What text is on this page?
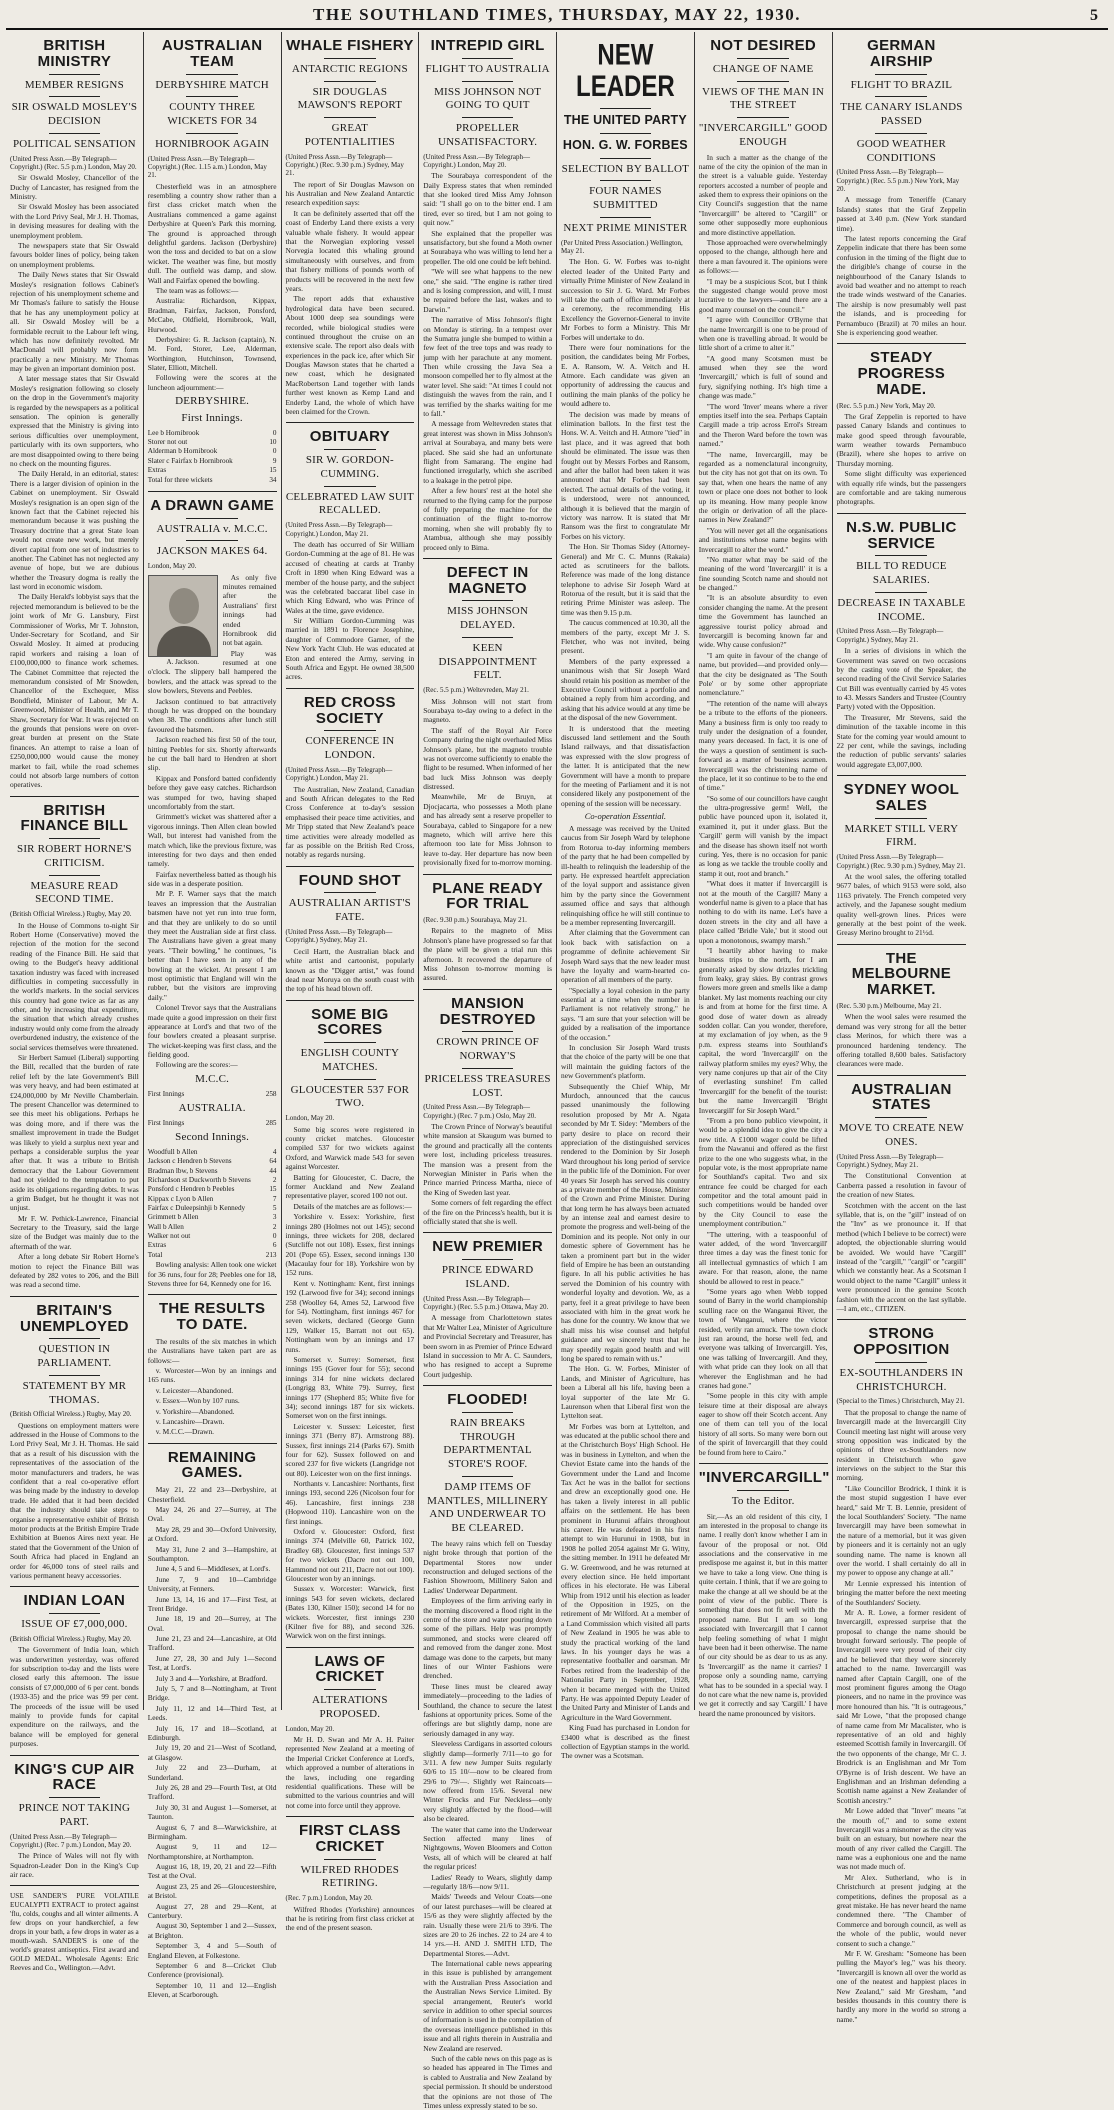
THE SOUTHLAND TIMES, THURSDAY, MAY 22, 1930.	5
BRITISH MINISTRY
MEMBER RESIGNS
SIR OSWALD MOSLEY'S DECISION
POLITICAL SENSATION
(United Press Assn.—By Telegraph—Copyright.) (Rec. 5.5 p.m.) London, May 20.

Sir Oswald Mosley, Chancellor of the Duchy of Lancaster, has resigned from the Ministry.

Sir Oswald Mosley has been associated with the Lord Privy Seal, Mr J. H. Thomas, in devising measures for dealing with the unemployment problem.

The newspapers state that Sir Oswald favours bolder lines of policy, being taken on unemployment problems.

The Daily News states that Sir Oswald Mosley's resignation follows Cabinet's rejection of his unemployment scheme and Mr Thomas's failure to satisfy the House that he has any unemployment policy at all. Sir Oswald Mosley will be a formidable recruit to the Labour left wing, which has now definitely revolted. Mr MacDonald will probably now form practically a new Ministry. Mr Thomas may be given an important dominion post.

A later message states that Sir Oswald Mosley's resignation following so closely on the drop in the Government's majority is regarded by the newspapers as a political sensation. The opinion is generally expressed that the Ministry is giving into serious difficulties over unemployment, particularly with its own supporters, who are most disappointed owing to there being no check on the mounting figures.

The Daily Herald, in an editorial, states: There is a larger division of opinion in the Cabinet on unemployment. Sir Oswald Mosley's resignation is an open sign of the known fact that the Cabinet rejected his memorandum because it was pushing the Treasury doctrine that a great State loan would not create new work, but merely divert capital from one set of industries to another. The Cabinet has not neglected any avenue of hope, but we are dubious whether the Treasury dogma is really the last word in economic wisdom.

The Daily Herald's lobbyist says that the rejected memorandum is believed to be the joint work of Mr G. Lansbury, First Commissioner of Works, Mr T. Johnston, Under-Secretary for Scotland, and Sir Oswald Mosley. It aimed at producing rapid workers and raising a loan of £100,000,000 to finance work schemes. The Cabinet Committee that rejected the memorandum consisted of Mr Snowden, Chancellor of the Exchequer, Miss Bondfield, Minister of Labour, Mr A. Greenwood, Minister of Health, and Mr T. Shaw, Secretary for War. It was rejected on the grounds that pensions were on over-great burden at present on the State finances. An attempt to raise a loan of £250,000,000 would cause the money market to fail, while the road schemes could not absorb large numbers of cotton operatives.

BRITISH FINANCE BILL
SIR ROBERT HORNE'S CRITICISM.
MEASURE READ SECOND TIME.
(British Official Wireless.) Rugby, May 20.

In the House of Commons to-night Sir Robert Horne (Conservative) moved the rejection of the motion for the second reading of the Finance Bill. He said that owing to the Budget's heavy additional taxation industry was faced with increased difficulties in competing successfully in the world's markets. In the social services this country had gone twice as far as any other, and by increasing that expenditure, the situation that which already crushes industry would only come from the already overburdened industry, the existence of the social services themselves were threatened.

Sir Herbert Samuel (Liberal) supporting the Bill, recalled that the burden of rate relief left by the late Government's Bill was very heavy, and had been estimated at £24,000,000 by Mr Neville Chamberlain. The present Chancellor was determined to see this meet his obligations. Perhaps he was doing more, and if there was the smallest improvement in trade the Budget was likely to yield a surplus next year and perhaps a considerable surplus the year after that. It was a tribute to British democracy that the Labour Government had not yielded to the temptation to put aside its obligations regarding debts. It was a grim Budget, but he thought it was not unjust.

Mr F. W. Pethick-Lawrence, Financial Secretary to the Treasury, said the large size of the Budget was mainly due to the aftermath of the war.

After a long debate Sir Robert Horne's motion to reject the Finance Bill was defeated by 282 votes to 206, and the Bill was read a second time.

BRITAIN'S UNEMPLOYED
QUESTION IN PARLIAMENT.
STATEMENT BY MR THOMAS.
(British Official Wireless.) Rugby, May 20.

Questions on employment matters were addressed in the House of Commons to the Lord Privy Seal, Mr J. H. Thomas. He said that as a result of his discussion with the representatives of the association of the motor manufacturers and traders, he was confident that a real co-operative effort was being made by the industry to develop trade. He added that it had been decided that the industry should take steps to organise a representative exhibit of British motor products at the British Empire Trade Exhibition at Buenos Aires next year. He stated that the Government of the Union of South Africa had placed in England an order for 46,000 tons of steel rails and various permanent heavy accessories.

INDIAN LOAN
ISSUE OF £7,000,000.
(British Official Wireless.) Rugby, May 20.

The Government of India loan, which was underwritten yesterday, was offered for subscription to-day and the lists were closed early this afternoon. The issue consists of £7,000,000 of 6 per cent. bonds (1933-35) and the price was 99 per cent. The proceeds of the issue will be used mainly to provide funds for capital expenditure on the railways, and the balance will be employed for general purposes.

KING'S CUP AIR RACE
PRINCE NOT TAKING PART.
(United Press Assn.—By Telegraph—Copyright.) (Rec. 7 p.m.) London, May 20.

The Prince of Wales will not fly with Squadron-Leader Don in the King's Cup air race.

USE SANDER'S PURE VOLATILE EUCALYPTI EXTRACT to protect against 'flu, colds, coughs and all winter ailments. A few drops on your handkerchief, a few drops in your bath, a few drops in water as a mouth-wash. SANDER'S is one of the world's greatest antiseptics. First award and GOLD MEDAL. Wholesale Agents: Eric Reeves and Co., Wellington.—Advt.
AUSTRALIAN TEAM
DERBYSHIRE MATCH
COUNTY THREE WICKETS FOR 34
HORNIBROOK AGAIN
(United Press Assn.—By Telegraph—Copyright.) (Rec. 1.15 a.m.) London, May 21.

Chesterfield was in an atmosphere resembling a country show rather than a first class cricket match when the Australians commenced a game against Derbyshire at Queen's Park this morning. The ground is approached through delightful gardens. Jackson (Derbyshire) won the toss and decided to bat on a slow wicket. The weather was fine, but mostly dull. The outfield was damp, and slow. Wall and Fairfax opened the bowling.

The team was as follows:—

Australia: Richardson, Kippax, Bradman, Fairfax, Jackson, Ponsford, McCabe, Oldfield, Hornibrook, Wall, Hurwood.

Derbyshire: G. R. Jackson (captain), N. M. Ford, Storer, Lee, Alderman, Worthington, Hutchinson, Townsend, Slater, Elliott, Mitchell.

Following were the scores at the luncheon adjournment:—

DERBYSHIRE.
First Innings.
Lee b Hornibrook	0
Storer not out	10
Alderman b Hornibrook	0
Slater c Fairfax b Hornibrook	9
Extras	15
Total for three wickets	34
A DRAWN GAME
AUSTRALIA v. M.C.C.
JACKSON MAKES 64.
London, May 20.
A. Jackson.

As only five minutes remained after the Australians' first innings had ended Hornibrook did not bat again.

Play was resumed at one o'clock. The slippery ball hampered the bowlers, and the attack was spread to the slow bowlers, Stevens and Peebles.

Jackson continued to bat attractively though he was dropped on the boundary when 38. The conditions after lunch still favoured the batsmen.

Jackson reached his first 50 of the tour, hitting Peebles for six. Shortly afterwards he cut the ball hard to Hendren at short slip.

Kippax and Ponsford batted confidently before they gave easy catches. Richardson was stumped for two, having shaped uncomfortably from the start.

Grimmett's wicket was shattered after a vigorous innings. Then Allen clean bowled Wall, but interest had vanished from the match which, like the previous fixture, was interesting for two days and then ended tamely.

Fairfax nevertheless batted as though his side was in a desperate position.

Mr P. F. Warner says that the match leaves an impression that the Australian batsmen have not yet run into true form, and that they are unlikely to do so until they meet the Australian side at first class. The Australians have given a great many years. "Their bowling," he continues, "is better than I have seen in any of the bowling at the wicket. At present I am most optimistic that England will win the rubber, but the visitors are improving daily."

Colonel Trevor says that the Australians made quite a good impression on their first appearance at Lord's and that two of the four bowlers created a pleasant surprise. The wicket-keeping was first class, and the fielding good.

Following are the scores:—

M.C.C.
First Innings	258
AUSTRALIA.
First Innings	285
Second Innings.
Woodfull b Allen	4
Jackson c Hendren b Stevens	64
Bradman lbw, b Stevens	44
Richardson st Duckworth b Stevens	2
Ponsford c Hendren b Peebles	15
Kippax c Lyon b Allen	7
Fairfax c Duleepsinhji b Kennedy	5
Grimmett b Allen	3
Wall b Allen	2
Walker not out	0
Extras	6
Total	213

Bowling analysis: Allen took one wicket for 36 runs, four for 28; Peebles one for 18, Stevens three for 64, Kennedy one for 16.

THE RESULTS TO DATE.

The results of the six matches in which the Australians have taken part are as follows:—

v. Worcester—Won by an innings and 165 runs.

v. Leicester—Abandoned.

v. Essex—Won by 107 runs.

v. Yorkshire—Abandoned.

v. Lancashire—Drawn.

v. M.C.C.—Drawn.

REMAINING GAMES.

May 21, 22 and 23—Derbyshire, at Chesterfield.

May 24, 26 and 27—Surrey, at The Oval.

May 28, 29 and 30—Oxford University, at Oxford.

May 31, June 2 and 3—Hampshire, at Southampton.

June 4, 5 and 6—Middlesex, at Lord's.

June 7, 9 and 10—Cambridge University, at Fenners.

June 13, 14, 16 and 17—First Test, at Trent Bridge.

June 18, 19 and 20—Surrey, at The Oval.

June 21, 23 and 24—Lancashire, at Old Trafford.

June 27, 28, 30 and July 1—Second Test, at Lord's.

July 3 and 4—Yorkshire, at Bradford.

July 5, 7 and 8—Nottingham, at Trent Bridge.

July 11, 12 and 14—Third Test, at Leeds.

July 16, 17 and 18—Scotland, at Edinburgh.

July 19, 20 and 21—West of Scotland, at Glasgow.

July 22 and 23—Durham, at Sunderland.

July 26, 28 and 29—Fourth Test, at Old Trafford.

July 30, 31 and August 1—Somerset, at Taunton.

August 6, 7 and 8—Warwickshire, at Birmingham.

August 9, 11 and 12—Northamptonshire, at Northampton.

August 16, 18, 19, 20, 21 and 22—Fifth Test at the Oval.

August 23, 25 and 26—Gloucestershire, at Bristol.

August 27, 28 and 29—Kent, at Canterbury.

August 30, September 1 and 2—Sussex, at Brighton.

September 3, 4 and 5—South of England Eleven, at Folkestone.

September 6 and 8—Cricket Club Conference (provisional).

September 10, 11 and 12—English Eleven, at Scarborough.

WHALE FISHERY
ANTARCTIC REGIONS
SIR DOUGLAS MAWSON'S REPORT
GREAT POTENTIALITIES
(United Press Assn.—By Telegraph—Copyright.) (Rec. 9.30 p.m.) Sydney, May 21.

The report of Sir Douglas Mawson on his Australian and New Zealand Antarctic research expedition says:

It can be definitely asserted that off the coast of Enderby Land there exists a very valuable whale fishery. It would appear that the Norwegian exploring vessel Norvegia located this whaling ground simultaneously with ourselves, and from that fishery millions of pounds worth of products will be recovered in the next few years.

The report adds that exhaustive hydrological data have been secured. About 1000 deep sea soundings were recorded, while biological studies were continued throughout the cruise on an extensive scale. The report also deals with experiences in the pack ice, after which Sir Douglas Mawson states that he charted a new coast, which he designated MacRobertson Land together with lands further west known as Kemp Land and Enderby Land, the whole of which have been claimed for the Crown.

OBITUARY
SIR W. GORDON-CUMMING.
CELEBRATED LAW SUIT RECALLED.
(United Press Assn.—By Telegraph—Copyright.) London, May 21.

The death has occurred of Sir William Gordon-Cumming at the age of 81. He was accused of cheating at cards at Tranby Croft in 1890 when King Edward was a member of the house party, and the subject was the celebrated baccarat libel case in which King Edward, who was Prince of Wales at the time, gave evidence.

Sir William Gordon-Cumming was married in 1891 to Florence Josephine, daughter of Commodore Garner, of the New York Yacht Club. He was educated at Eton and entered the Army, serving in South Africa and Egypt. He owned 38,500 acres.

RED CROSS SOCIETY
CONFERENCE IN LONDON.
(United Press Assn.—By Telegraph—Copyright.) London, May 21.

The Australian, New Zealand, Canadian and South African delegates to the Red Cross Conference at to-day's session emphasised their peace time activities, and Mr Tripp stated that New Zealand's peace time activities were already modelled as far as possible on the British Red Cross, notably as regards nursing.

FOUND SHOT
AUSTRALIAN ARTIST'S FATE.
(United Press Assn.—By Telegraph—Copyright.) Sydney, May 21.

Cecil Hartt, the Australian black and white artist and cartoonist, popularly known as the "Digger artist," was found dead near Moruya on the south coast with the top of his head blown off.

SOME BIG SCORES
ENGLISH COUNTY MATCHES.
GLOUCESTER 537 FOR TWO.
London, May 20.

Some big scores were registered in county cricket matches. Gloucester compiled 537 for two wickets against Oxford, and Warwick made 543 for seven against Worcester.

Batting for Gloucester, C. Dacre, the former Auckland and New Zealand representative player, scored 100 not out.

Details of the matches are as follows:—

Yorkshire v. Essex: Yorkshire, first innings 280 (Holmes not out 145); second innings, three wickets for 208, declared (Sutcliffe not out 108). Essex, first innings 201 (Pope 65). Essex, second innings 130 (Macaulay four for 18). Yorkshire won by 152 runs.

Kent v. Nottingham: Kent, first innings 192 (Larwood five for 34); second innings 258 (Woolley 64, Ames 52, Larwood five for 54). Nottingham, first innings 467 for seven wickets, declared (George Gunn 129, Walker 15, Barratt not out 65). Nottingham won by an innings and 17 runs.

Somerset v. Surrey: Somerset, first innings 195 (Gover four for 55); second innings 314 for nine wickets declared (Longrigg 83, White 79). Surrey, first innings 177 (Shepherd 85; White five for 34); second innings 187 for six wickets. Somerset won on the first innings.

Leicester v. Sussex: Leicester, first innings 371 (Berry 87). Armstrong 88). Sussex, first innings 214 (Parks 67). Smith four for 62). Sussex followed on and scored 237 for five wickets (Langridge not out 80). Leicester won on the first innings.

Northants v. Lancashire: Northants, first innings 193, second 226 (Nicolson four for 46). Lancashire, first innings 238 (Hopwood 110). Lancashire won on the first innings.

Oxford v. Gloucester: Oxford, first innings 374 (Melville 60, Patrick 102, Bradley 68). Gloucester, first innings 537 for two wickets (Dacre not out 100, Hammond not out 211, Dacre not out 100). Gloucester won by an innings.

Sussex v. Worcester: Warwick, first innings 543 for seven wickets, declared (Bates 130, Kilner 150); second 14 for no wickets. Worcester, first innings 230 (Kilner five for 88), and second 326. Warwick won on the first innings.

LAWS OF CRICKET
ALTERATIONS PROPOSED.
London, May 20.

Mr H. D. Swan and Mr A. H. Paiter represented New Zealand at a meeting of the Imperial Cricket Conference at Lord's, which approved a number of alterations in the laws, including one regarding residential qualifications. These will be submitted to the various countries and will not come into force until they approve.

FIRST CLASS CRICKET
WILFRED RHODES RETIRING.
(Rec. 7 p.m.) London, May 20.

Wilfred Rhodes (Yorkshire) announces that he is retiring from first class cricket at the end of the present season.

INTREPID GIRL
FLIGHT TO AUSTRALIA
MISS JOHNSON NOT GOING TO QUIT
PROPELLER UNSATISFACTORY.
(United Press Assn.—By Telegraph—Copyright.) London, May 20.

The Sourabaya correspondent of the Daily Express states that when reminded that she looked tired Miss Amy Johnson said: "I shall go on to the bitter end. I am tired, ever so tired, but I am not going to quit now."

She explained that the propeller was unsatisfactory, but she found a Moth owner at Sourabaya who was willing to lend her a propeller. The old one could be left behind.

"We will see what happens to the new one," she said. "The engine is rather tired and is losing compression, and will, I must be repaired before the last, wakes and to Darwin."

The narrative of Miss Johnson's flight on Monday is stirring. In a tempest over the Sumatra jungle she bumped to within a few feet of the tree tops and was ready to jump with her parachute at any moment. Then while crossing the Java Sea a monsoon compelled her to fly almost at the water level. She said: "At times I could not distinguish the waves from the rain, and I was terrified by the sharks waiting for me to fall."

A message from Weltevreden states that great interest was shown in Miss Johnson's arrival at Sourabaya, and many bets were placed. She said she had an unfortunate flight from Samarang. The engine had functioned irregularly, which she ascribed to a leakage in the petrol pipe.

After a few hours' rest at the hotel she returned to the flying camp for the purpose of fully preparing the machine for the continuation of the flight to-morrow morning, when she will probably fly to Atambua, although she may possibly proceed only to Bima.

DEFECT IN MAGNETO
MISS JOHNSON DELAYED.
KEEN DISAPPOINTMENT FELT.
(Rec. 5.5 p.m.) Weltevreden, May 21.

Miss Johnson will not start from Sourabaya to-day owing to a defect in the magneto.

The staff of the Royal Air Force Company during the night overhauled Miss Johnson's plane, but the magneto trouble was not overcome sufficiently to enable the flight to be resumed. When informed of her bad luck Miss Johnson was deeply distressed.

Meanwhile, Mr de Bruyn, at Djocjacarta, who possesses a Moth plane and has already sent a reserve propeller to Sourabaya, cabled to Singapore for a new magneto, which will arrive here this afternoon too late for Miss Johnson to leave to-day. Her departure has now been provisionally fixed for to-morrow morning.

PLANE READY FOR TRIAL
(Rec. 9.30 p.m.) Sourabaya, May 21.

Repairs to the magneto of Miss Johnson's plane have progressed so far that the plane will be given a trial run this afternoon. It recovered the departure of Miss Johnson to-morrow morning is assured.

MANSION DESTROYED
CROWN PRINCE OF NORWAY'S
PRICELESS TREASURES LOST.
(United Press Assn.—By Telegraph—Copyright.) (Rec. 7 p.m.) Oslo, May 20.

The Crown Prince of Norway's beautiful white mansion at Skaugum was burned to the ground and practically all the contents were lost, including priceless treasures. The mansion was a present from the Norwegian Minister in Paris when the Prince married Princess Martha, niece of the King of Sweden last year.

Some corners of felt regarding the effect of the fire on the Princess's health, but it is officially stated that she is well.

NEW PREMIER
PRINCE EDWARD ISLAND.
(United Press Assn.—By Telegraph—Copyright.) (Rec. 5.5 p.m.) Ottawa, May 20.

A message from Charlottetown states that Mr Walter Lea, Minister of Agriculture and Provincial Secretary and Treasurer, has been sworn in as Premier of Prince Edward Island in succession to Mr A. C. Saunders, who has resigned to accept a Supreme Court judgeship.

FLOODED!
RAIN BREAKS THROUGH DEPARTMENTAL STORE'S ROOF.
DAMP ITEMS OF MANTLES, MILLINERY AND UNDERWEAR TO BE CLEARED.

The heavy rains which fell on Tuesday night broke through that portion of the Departmental Stores now under reconstruction and deluged sections of the Fashion Showroom, Millinery Salon and Ladies' Underwear Department.

Employees of the firm arriving early in the morning discovered a flood right in the centre of the store and water pouring down some of the pillars. Help was promptly summoned, and stocks were cleared off and removed from the danger zone. Most damage was done to the carpets, but many lines of our Winter Fashions were drenched.

These lines must be cleared away immediately—proceeding to the ladies of Southland, the chance to secure the latest fashions at opportunity prices. Some of the offerings are but slightly damp, none are seriously damaged in any way.

Sleeveless Cardigans in assorted colours slightly damp—formerly 7/11—to go for 3/11. A few new Jumper Suits regularly 60/6 to 15 10/—now to be cleared from 29/6 to 79/—. Slightly wet Raincoats—now offered from 15/6. Several new Winter Frocks and Fur Neckless—only very slightly affected by the flood—will also be cleared.

The water that came into the Underwear Section affected many lines of Nightgowns, Woven Bloomers and Cotton Vests, all of which will be cleared at half the regular prices!

Ladies' Ready to Wears, slightly damp—regularly 18/6—now 9/11.

Maids' Tweeds and Velour Coats—one of our latest purchases—will be cleared at 15/6 as they were slightly affected by the rain. Usually these were 21/6 to 39/6. The sizes are 20 to 26 inches. 22 to 24 are 4 to 14 yrs.—H. AND J. SMITH LTD, The Departmental Stores.—Advt.

The International cable news appearing in this issue is published by arrangement with the Australian Press Association and the Australian News Service Limited. By special arrangement, Reuter's world service in addition to other special sources of information is used in the compilation of the overseas intelligence published in this issue and all rights therein in Australia and New Zealand are reserved.

Such of the cable news on this page as is so headed has appeared in The Times and is cabled to Australia and New Zealand by special permission. It should be understood that the opinions are not those of The Times unless expressly stated to be so.

NEW LEADER
THE UNITED PARTY
HON. G. W. FORBES
SELECTION BY BALLOT
FOUR NAMES SUBMITTED
NEXT PRIME MINISTER
(Per United Press Association.) Wellington, May 21.

The Hon. G. W. Forbes was to-night elected leader of the United Party and virtually Prime Minister of New Zealand in succession to Sir J. G. Ward. Mr Forbes will take the oath of office immediately at a ceremony, the recommending His Excellency the Governor-General to invite Mr Forbes to form a Ministry. This Mr Forbes will undertake to do.

There were four nominations for the position, the candidates being Mr Forbes, E. A. Ransom, W. A. Veitch and H. Atmore. Each candidate was given an opportunity of addressing the caucus and outlining the main planks of the policy he would adhere to.

The decision was made by means of elimination ballots. In the first test the Hons. W. A. Veitch and H. Atmore "tied" in last place, and it was agreed that both should be eliminated. The issue was then fought out by Messrs Forbes and Ransom, and after the ballot had been taken it was announced that Mr Forbes had been elected. The actual details of the voting, it is understood, were not announced, although it is believed that the margin of victory was narrow. It is stated that Mr Ransom was the first to congratulate Mr Forbes on his victory.

The Hon. Sir Thomas Sidey (Attorney-General) and Mr C. C. Munns (Rakaia) acted as scrutineers for the ballots. Reference was made of the long distance telephone to advise Sir Joseph Ward at Rotorua of the result, but it is said that the retiring Prime Minister was asleep. The time was then 9.15 p.m.

The caucus commenced at 10.30, all the members of the party, except Mr J. S. Fletcher, who was not invited, being present.

Members of the party expressed a unanimous wish that Sir Joseph Ward should retain his position as member of the Executive Council without a portfolio and obtained a reply from him according, and asking that his advice would at any time be at the disposal of the new Government.

It is understood that the meeting discussed land settlement and the South Island railways, and that dissatisfaction was expressed with the slow progress of the latter. It is anticipated that the new Government will have a month to prepare for the meeting of Parliament and it is not considered likely any postponement of the opening of the session will be necessary.

Co-operation Essential.

A message was received by the United caucus from Sir Joseph Ward by telephone from Rotorua to-day informing members of the party that he had been compelled by ill-health to relinquish the leadership of the party. He expressed heartfelt appreciation of the loyal support and assistance given him by the party since the Government assumed office and says that although relinquishing office he will still continue to be a member representing Invercargill.

After claiming that the Government can look back with satisfaction on a programme of definite achievement Sir Joseph Ward says that the new leader must have the loyalty and warm-hearted co-operation of all members of the party.

"Specially a loyal cohesion in the party essential at a time when the number in Parliament is not relatively strong," he says. "I am sure that your selection will be guided by a realisation of the importance of the occasion."

In conclusion Sir Joseph Ward trusts that the choice of the party will be one that will maintain the guiding factors of the new Government's platform.

Subsequently the Chief Whip, Mr Murdoch, announced that the caucus passed unanimously the following resolution proposed by Mr A. Ngata seconded by Mr T. Sidey: "Members of the party desire to place on record their appreciation of the distinguished services rendered to the Dominion by Sir Joseph Ward throughout his long period of service in the public life of the Dominion. For over 40 years Sir Joseph has served his country as a private member of the House, Minister of the Crown and Prime Minister. During that long term he has always been actuated by an intense zeal and earnest desire to promote the progress and well-being of the Dominion and its people. Not only in our domestic sphere of Government has he taken a prominent part but in the wider field of Empire he has been an outstanding figure. In all his public activities he has served the Dominion of his country with wonderful loyalty and devotion. We, as a party, feel it a great privilege to have been associated with him in the great work he has done for the country. We know that we shall miss his wise counsel and helpful guidance and we sincerely trust that he may speedily regain good health and will long be spared to remain with us."

The Hon. G. W. Forbes, Minister of Lands, and Minister of Agriculture, has been a Liberal all his life, having been a loyal supporter of the late Mr G. Laurenson when that Liberal first won the Lyttelton seat.

Mr Forbes was born at Lyttelton, and was educated at the public school there and at the Christchurch Boys' High School. He was in business in Lyttelton, and when the Cheviot Estate came into the hands of the Government under the Land and Income Tax Act he was in the ballot for sections and drew an exceptionally good one. He has taken a lively interest in all public affairs on the settlement. He has been prominent in Hurunui affairs throughout his career. He was defeated in his first attempt to win Hurunui in 1908, but in 1908 he polled 2054 against Mr G. Witty, the sitting member. In 1911 he defeated Mr G. W. Greenwood, and he was returned at every election since. He held important offices in his electorate. He was Liberal Whip from 1912 until his election as leader of the Opposition in 1925, on the retirement of Mr Wilford. At a member of a Land Commission which visited all parts of New Zealand in 1905 he was able to study the practical working of the land laws. In his younger days he was a representative footballer and oarsman. Mr Forbes retired from the leadership of the Nationalist Party in September, 1928, when it became merged with the United Party. He was appointed Deputy Leader of the United Party and Minister of Lands and Agriculture in the Ward Government.

King Fuad has purchased in London for £3400 what is described as the finest collection of Egyptian stamps in the world. The owner was a Scotsman.

NOT DESIRED
CHANGE OF NAME
VIEWS OF THE MAN IN THE STREET
"INVERCARGILL" GOOD ENOUGH

In such a matter as the change of the name of the city the opinion of the man in the street is a valuable guide. Yesterday reporters accosted a number of people and asked them to express their opinions on the City Council's suggestion that the name "Invercargill" be altered to "Cargill" or some other supposedly more euphonious and more distinctive appellation.

Those approached were overwhelmingly opposed to the change, although here and there a man favoured it. The opinions were as follows:—

"I may be a suspicious Scot, but I think the suggested change would prove most lucrative to the lawyers—and there are a good many counsel on the council."

"I agree with Councillor O'Byrne that the name Invercargill is one to be proud of when one is travelling abroad. It would be little short of a crime to alter it."

"A good many Scotsmen must be amused when they see the word 'Invercargill,' which is full of sound and fury, signifying nothing. It's high time a change was made."

"The word 'Inver' means where a river empties itself into the sea. Perhaps Captain Cargill made a trip across Errol's Stream and the Theron Ward before the town was named."

"The name, Invercargill, may be regarded as a nomenclatural incongruity, but the city has not got that on its own. To say that, when one hears the name of any town or place one does not bother to look up its meaning. How many people know the origin or derivation of all the place-names in New Zealand?"

"You will never get all the organisations and institutions whose name begins with Invercargill to alter the word."

"No matter what may be said of the meaning of the word 'Invercargill' it is a fine sounding Scotch name and should not be changed."

"It is an absolute absurdity to even consider changing the name. At the present time the Government has launched an aggressive tourist policy abroad and Invercargill is becoming known far and wide. Why cause confusion?"

"I am quite in favour of the change of name, but provided—and provided only—that the city be designated as 'The South Pole' or by some other appropriate nomenclature."

"The retention of the name will always be a tribute to the efforts of the pioneers. Many a business firm is only too ready to truly under the designation of a founder, many years deceased. In fact, it is one of the ways a question of sentiment is such-forward as a matter of business acumen. Invercargill was the christening name of the place, let it so continue to be to the end of time."

"So some of our councillors have caught the ultra-progressive germ! Well, the public have pounced upon it, isolated it, examined it, put it under glass. But the 'Cargill' germ will vanish by the impact and the disease has shown itself not worth curing. Yes, there is no occasion for panic as long as we tackle the trouble coolly and stamp it out, root and branch."

"What does it matter if Invercargill is not at the mouth of the Cargill? Many a wonderful name is given to a place that has nothing to do with its name. Let's have a dozen streets in the city and all have a place called 'Bridle Vale,' but it stood out upon a monotonous, swampy marsh."

"I heartily abhor having to make business trips to the north, for I am generally asked by slow drizzles trickling from leaky, gray skies. By contrast grows flowers more green and smells like a damp blanket. My last moments reaching our city is and from at home for the first time. A good dose of water down as already sodden collar. Can you wonder, therefore, at my exclamation of joy when, as the 9 p.m. express steams into Southland's capital, the word 'Invercargill' on the railway platform smiles my eyes? Why, the very name conjures up that air of the City of everlasting sunshine! I'm called 'Invercargill' for the benefit of the tourist: but the name Invercargill 'Bright Invercargill' for Sir Joseph Ward."

"From a pro bono publico viewpoint, it would be a splendid idea to give the city a new title. A £1000 wager could be lifted from the Nawanui and offered as the first prize to the one who suggests what, in the popular vote, is the most appropriate name for Southland's capital. Two and six entrance fee could be charged for each competitor and the total amount paid in such competitions would be handed over by the City Council to ease the unemployment contribution."

"The uttering, with a teaspoonful of water added, of the word 'Invercargill' three times a day was the finest tonic for all intellectual gymnastics of which I am aware. For that reason, alone, the name should be allowed to rest in peace."

"Some years ago when Webb topped sound of Barry in the world championship sculling race on the Wanganui River, the town of Wanganui, where the victor resided, verily ran amuck. The town clock just ran around, the horse well fed, and everyone was talking of Invercargill. Yes, one was talking of Invercargill. And they, with what pride can they look on all that wherever the Englishman and he had cranes had gone."

"Some people in this city with ample leisure time at their disposal are always eager to show off their Scotch accent. Any one of them can tell you of the local history of all sorts. So many were born out of the spirit of Invercargill that they could be found from here to Cairo."

"INVERCARGILL"
To the Editor.

Sir,—As an old resident of this city, I am interested in the proposal to change its name. I really don't know whether I am in favour of the proposal or not. Old associations and the conservative in me predispose me against it, but in this matter we have to take a long view. One thing is quite certain. I think, that if we are going to make the change at all we should be at the point of view of the public. There is something that does not fit well with the proposed name. But I am so long associated with Invercargill that I cannot help feeling something of what I might have been had it been otherwise. The name of our city should be as dear to us as any. Is 'Invercargill' as the name it carries? I propose only a sounding name, carrying what has to be sounded in a special way. I do not care what the new name is, provided we get it correctly and say 'Cargill.' I have heard the name pronounced by visitors.

GERMAN AIRSHIP
FLIGHT TO BRAZIL
THE CANARY ISLANDS PASSED
GOOD WEATHER CONDITIONS
(United Press Assn.—By Telegraph—Copyright.) (Rec. 5.5 p.m.) New York, May 20.

A message from Teneriffe (Canary Islands) states that the Graf Zeppelin passed at 3.40 p.m. (New York standard time).

The latest reports concerning the Graf Zeppelin indicate that there has been some confusion in the timing of the flight due to the dirigible's change of course in the neighbourhood of the Canary Islands to avoid bad weather and no attempt to reach the trade winds westward of the Canaries. The airship is now presumably well past the islands, and is proceeding for Pernambuco (Brazil) at 70 miles an hour. She is experiencing good weather.

STEADY PROGRESS MADE.
(Rec. 5.5 p.m.) New York, May 20.

The Graf Zeppelin is reported to have passed Canary Islands and continues to make good speed through favourable, warm weather towards Pernambuco (Brazil), where she hopes to arrive on Thursday morning.

Some slight difficulty was experienced with equally rife winds, but the passengers are comfortable and are taking numerous photographs.

N.S.W. PUBLIC SERVICE
BILL TO REDUCE SALARIES.
DECREASE IN TAXABLE INCOME.
(United Press Assn.—By Telegraph—Copyright.) Sydney, May 21.

In a series of divisions in which the Government was saved on two occasions by the casting vote of the Speaker, the second reading of the Civil Service Salaries Cut Bill was eventually carried by 45 votes to 43. Messrs Sanders and Trustee (Country Party) voted with the Opposition.

The Treasurer, Mr Stevens, said the diminution of the taxable income in this State for the coming year would amount to 22 per cent, while the savings, including the reduction of public servants' salaries would aggregate £3,007,000.

SYDNEY WOOL SALES
MARKET STILL VERY FIRM.
(United Press Assn.—By Telegraph—Copyright.) (Rec. 9.30 p.m.) Sydney, May 21.

At the wool sales, the offering totalled 9677 bales, of which 9153 were sold, also 1163 privately. The French competed very actively, and the Japanese sought medium quality well-grown lines. Prices were generally at the best point of the week. Greasy Merino brought to 21½d.

THE MELBOURNE MARKET.
(Rec. 5.30 p.m.) Melbourne, May 21.

When the wool sales were resumed the demand was very strong for all the better class Merinos, for which there was a pronounced hardening tendency. The offering totalled 8,600 bales. Satisfactory clearances were made.

AUSTRALIAN STATES
MOVE TO CREATE NEW ONES.
(United Press Assn.—By Telegraph—Copyright.) Sydney, May 21.

The Constitutional Convention at Canberra passed a resolution in favour of the creation of new States.

Scotchmen with the accent on the last syllable, that is, on the "gill" instead of on the "Inv" as we pronounce it. If that method (which I believe to be correct) were adopted, the objectionable slurring would be avoided. We would have "Cargill" instead of the "cargill," "cargil" or "cargill" which we constantly hear. As a Scotsman I would object to the name "Cargill" unless it were pronounced in the genuine Scotch fashion with the accent on the last syllable.—I am, etc., CITIZEN.

STRONG OPPOSITION
EX-SOUTHLANDERS IN CHRISTCHURCH.
(Special to the Times.) Christchurch, May 21.

That the proposal to change the name of Invercargill made at the Invercargill City Council meeting last night will arouse very strong opposition was indicated by the opinions of three ex-Southlanders now resident in Christchurch who gave interviews on the subject to the Star this morning.

"Like Councillor Brodrick, I think it is the most stupid suggestion I have ever heard," said Mr T. B. Lennie, president of the local Southlanders' Society. "The name Invercargill may have been somewhat in the nature of a memorial, but it was given by pioneers and it is certainly not an ugly sounding name. The name is known all over the world. I shall certainly do all in my power to oppose any change at all."

Mr Lennie expressed his intention of bringing the matter before the next meeting of the Southlanders' Society.

Mr A. R. Lowe, a former resident of Invercargill, expressed surprise that the proposal to change the name should be brought forward seriously. The people of Invercargill were very proud of their city and he believed that they were sincerely attached to the name. Invercargill was named after Captain Cargill, one of the most prominent figures among the Otago pioneers, and no name in the province was more honoured than his. "It is outrageous," said Mr Lowe, "that the proposed change of name came from Mr Macalister, who is representative of an old and highly esteemed Scottish family in Invercargill. Of the two opponents of the change, Mr C. J. Brodrick is an Englishman and Mr Tom O'Byrne is of Irish descent. We have an Englishman and an Irishman defending a Scottish name against a New Zealander of Scottish ancestry."

Mr Lowe added that "Inver" means "at the mouth of," and to some extent Invercargill was a misnomer as the city was built on an estuary, but nowhere near the mouth of any river called the Cargill. The name was a euphonious one and the name was not made much of.

Mr Alex. Sutherland, who is in Christchurch at present judging at the competitions, defines the proposal as a great mistake. He has never heard the name condemned there. "The Chamber of Commerce and borough council, as well as the whole of the public, would never consent to such a change."

Mr F. W. Gresham: "Someone has been pulling the Mayor's leg," was his theory. "Invercargill is known all over the world as one of the neatest and happiest places in New Zealand," said Mr Gresham, "and besides thousands in this country there is hardly any more in the world so strong a name."
